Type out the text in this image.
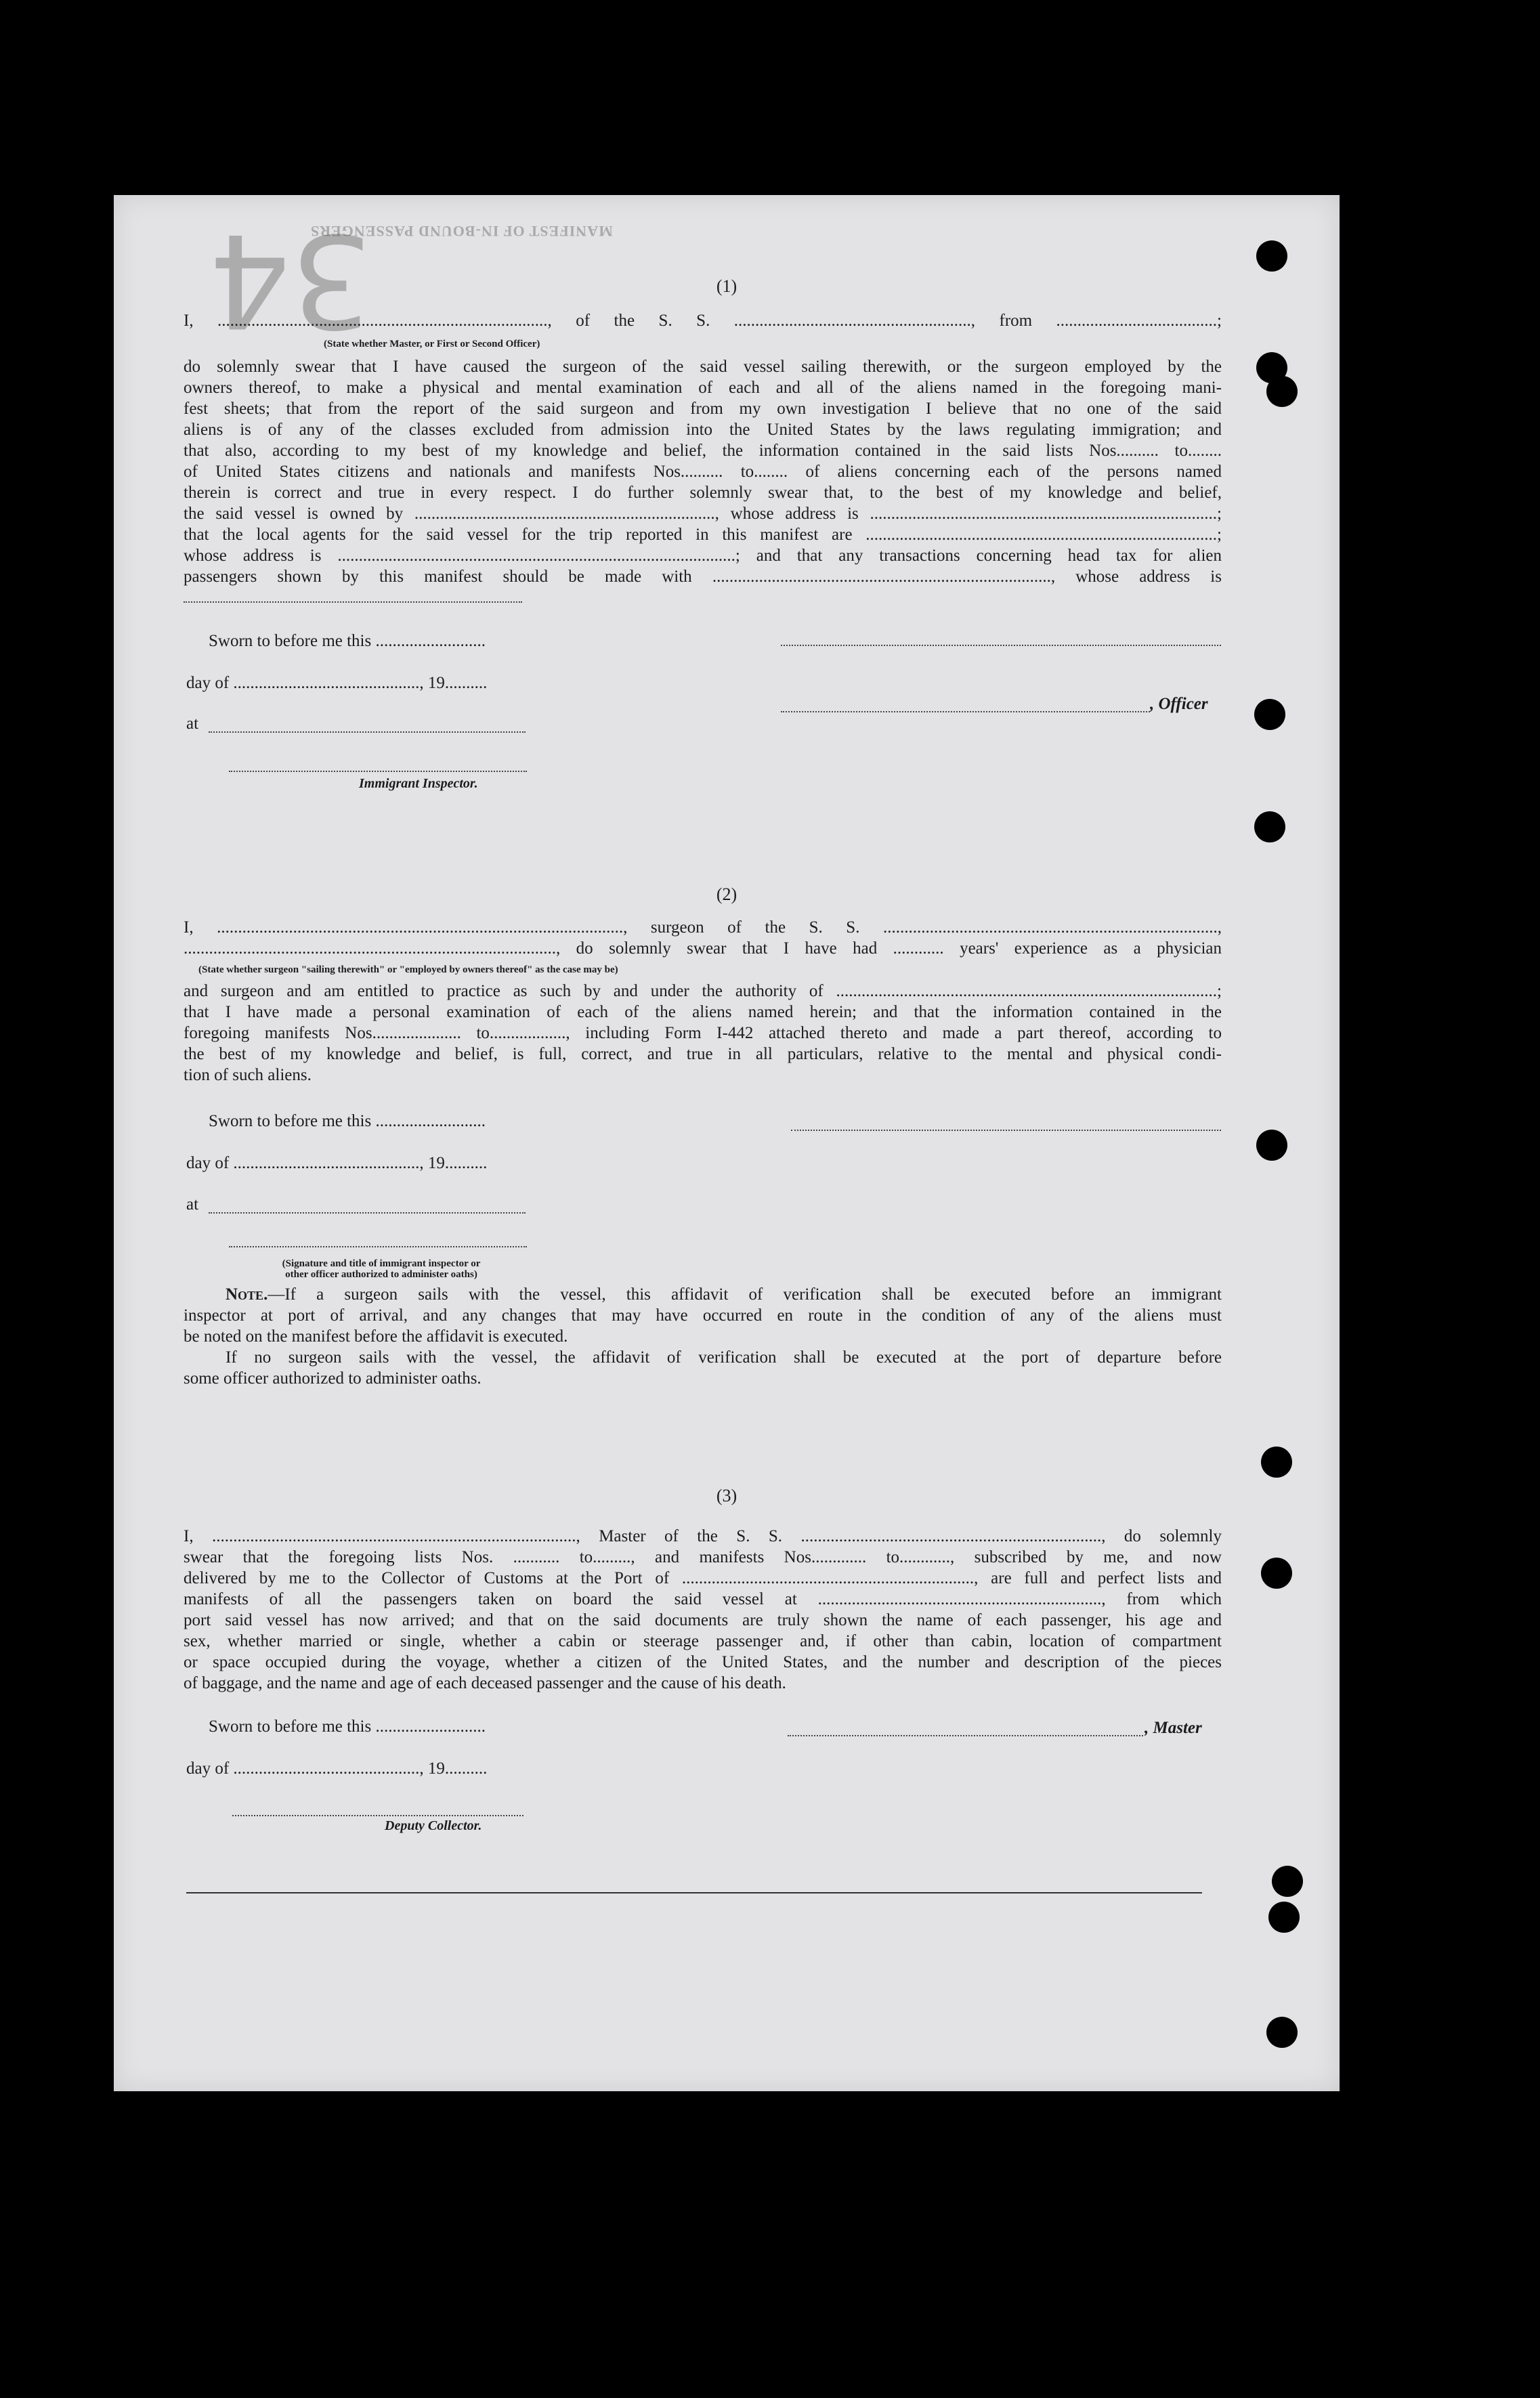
34
MANIFEST OF IN-BOUND PASSENGERS
(1)
I, .............................................................................., of the S. S. ........................................................, from ......................................;
(State whether Master, or First or Second Officer)
do solemnly swear that I have caused the surgeon of the said vessel sailing therewith, or the surgeon employed by the
owners thereof, to make a physical and mental examination of each and all of the aliens named in the foregoing mani-
fest sheets; that from the report of the said surgeon and from my own investigation I believe that no one of the said
aliens is of any of the classes excluded from admission into the United States by the laws regulating immigration; and
that also, according to my best of my knowledge and belief, the information contained in the said lists Nos.......... to........
of United States citizens and nationals and manifests Nos.......... to........ of aliens concerning each of the persons named
therein is correct and true in every respect. I do further solemnly swear that, to the best of my knowledge and belief,
the said vessel is owned by ......................................................................., whose address is ..................................................................................;
that the local agents for the said vessel for the trip reported in this manifest are ...................................................................................;
whose address is ..............................................................................................; and that any transactions concerning head tax for alien
passengers shown by this manifest should be made with ................................................................................, whose address is
Sworn to before me this ..........................
day of ............................................, 19..........
, Officer
at
Immigrant Inspector.
(2)
I, ................................................................................................, surgeon of the S. S. ...............................................................................,
........................................................................................, do solemnly swear that I have had ............ years' experience as a physician
(State whether surgeon "sailing therewith" or "employed by owners thereof" as the case may be)
and surgeon and am entitled to practice as such by and under the authority of ..........................................................................................;
that I have made a personal examination of each of the aliens named herein; and that the information contained in the
foregoing manifests Nos..................... to.................., including Form I-442 attached thereto and made a part thereof, according to
the best of my knowledge and belief, is full, correct, and true in all particulars, relative to the mental and physical condi-
tion of such aliens.
Sworn to before me this ..........................
day of ............................................, 19..........
at
(Signature and title of immigrant inspector or
other officer authorized to administer oaths)
Note.—If a surgeon sails with the vessel, this affidavit of verification shall be executed before an immigrant
inspector at port of arrival, and any changes that may have occurred en route in the condition of any of the aliens must
be noted on the manifest before the affidavit is executed.
If no surgeon sails with the vessel, the affidavit of verification shall be executed at the port of departure before
some officer authorized to administer oaths.
(3)
I, ......................................................................................, Master of the S. S. ......................................................................., do solemnly
swear that the foregoing lists Nos. ........... to........., and manifests Nos............. to............, subscribed by me, and now
delivered by me to the Collector of Customs at the Port of ....................................................................., are full and perfect lists and
manifests of all the passengers taken on board the said vessel at ..................................................................., from which
port said vessel has now arrived; and that on the said documents are truly shown the name of each passenger, his age and
sex, whether married or single, whether a cabin or steerage passenger and, if other than cabin, location of compartment
or space occupied during the voyage, whether a citizen of the United States, and the number and description of the pieces
of baggage, and the name and age of each deceased passenger and the cause of his death.
Sworn to before me this ..........................	, Master
day of ............................................, 19..........
Deputy Collector.
